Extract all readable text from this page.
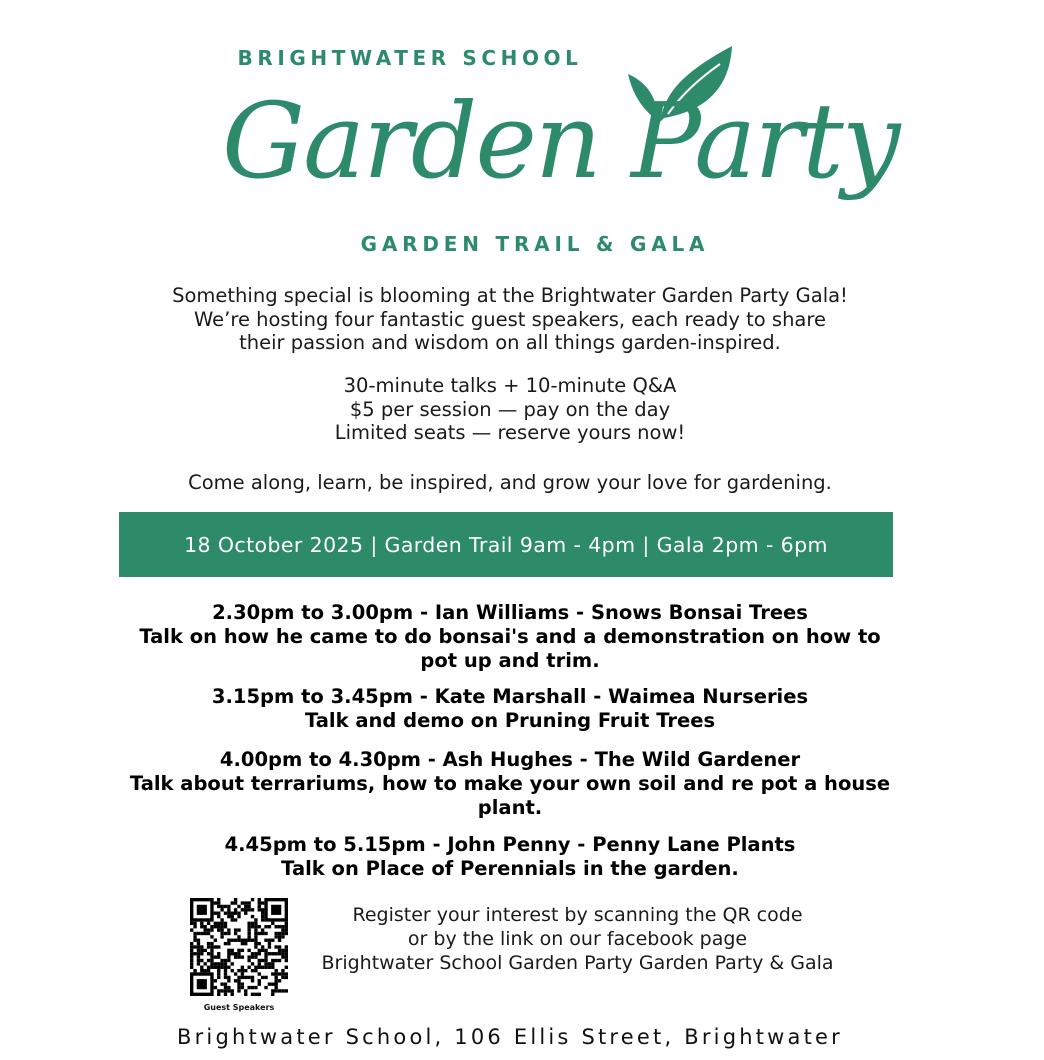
BRIGHTWATER SCHOOL
Garden Party
GARDEN TRAIL & GALA
Something special is blooming at the Brightwater Garden Party Gala!
We’re hosting four fantastic guest speakers, each ready to share
their passion and wisdom on all things garden-inspired.
30-minute talks + 10-minute Q&A
$5 per session — pay on the day
Limited seats — reserve yours now!
Come along, learn, be inspired, and grow your love for gardening.
18 October 2025 | Garden Trail 9am - 4pm | Gala 2pm - 6pm
2.30pm to 3.00pm - Ian Williams - Snows Bonsai Trees
Talk on how he came to do bonsai's and a demonstration on how to
pot up and trim.
3.15pm to 3.45pm - Kate Marshall - Waimea Nurseries
Talk and demo on Pruning Fruit Trees
4.00pm to 4.30pm - Ash Hughes - The Wild Gardener
Talk about terrariums, how to make your own soil and re pot a house
plant.
4.45pm to 5.15pm - John Penny - Penny Lane Plants
Talk on Place of Perennials in the garden.
Guest Speakers
Register your interest by scanning the QR code
or by the link on our facebook page
Brightwater School Garden Party Garden Party & Gala
Brightwater School, 106 Ellis Street, Brightwater
